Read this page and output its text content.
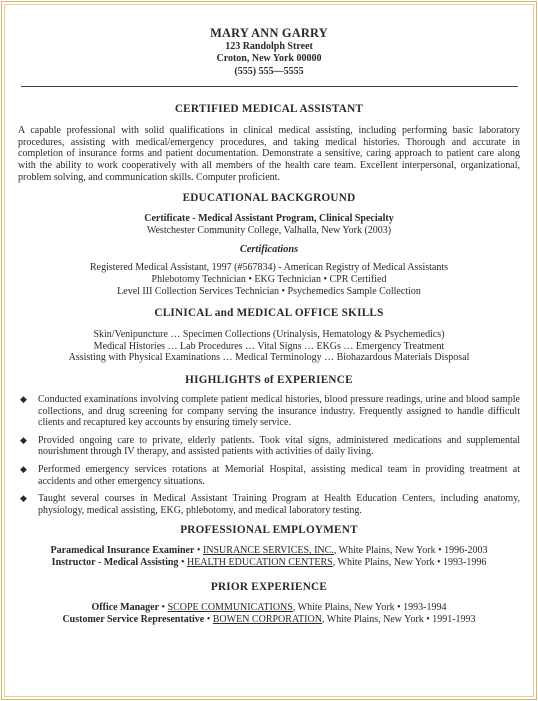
MARY ANN GARRY
123 Randolph Street
Croton, New York 00000
(555) 555—5555
CERTIFIED MEDICAL ASSISTANT
A capable professional with solid qualifications in clinical medical assisting, including performing basic laboratory procedures, assisting with medical/emergency procedures, and taking medical histories. Thorough and accurate in completion of insurance forms and patient documentation. Demonstrate a sensitive, caring approach to patient care along with the ability to work cooperatively with all members of the health care team. Excellent interpersonal, organizational, problem solving, and communication skills. Computer proficient.
EDUCATIONAL BACKGROUND
Certificate - Medical Assistant Program, Clinical Specialty
Westchester Community College, Valhalla, New York (2003)
Certifications
Registered Medical Assistant, 1997 (#567834) - American Registry of Medical Assistants
Phlebotomy Technician • EKG Technician • CPR Certified
Level III Collection Services Technician • Psychemedics Sample Collection
CLINICAL and MEDICAL OFFICE SKILLS
Skin/Venipuncture … Specimen Collections (Urinalysis, Hematology & Psychemedics)
Medical Histories … Lab Procedures … Vital Signs … EKGs … Emergency Treatment
Assisting with Physical Examinations … Medical Terminology … Biohazardous Materials Disposal
HIGHLIGHTS of EXPERIENCE
◆ Conducted examinations involving complete patient medical histories, blood pressure readings, urine and blood sample collections, and drug screening for company serving the insurance industry. Frequently assigned to handle difficult clients and recaptured key accounts by ensuring timely service.
◆ Provided ongoing care to private, elderly patients. Took vital signs, administered medications and supplemental nourishment through IV therapy, and assisted patients with activities of daily living.
◆ Performed emergency services rotations at Memorial Hospital, assisting medical team in providing treatment at accidents and other emergency situations.
◆ Taught several courses in Medical Assistant Training Program at Health Education Centers, including anatomy, physiology, medical assisting, EKG, phlebotomy, and medical laboratory testing.
PROFESSIONAL EMPLOYMENT
Paramedical Insurance Examiner • INSURANCE SERVICES, INC., White Plains, New York • 1996-2003
Instructor - Medical Assisting • HEALTH EDUCATION CENTERS, White Plains, New York • 1993-1996
PRIOR EXPERIENCE
Office Manager • SCOPE COMMUNICATIONS, White Plains, New York • 1993-1994
Customer Service Representative • BOWEN CORPORATION, White Plains, New York • 1991-1993
